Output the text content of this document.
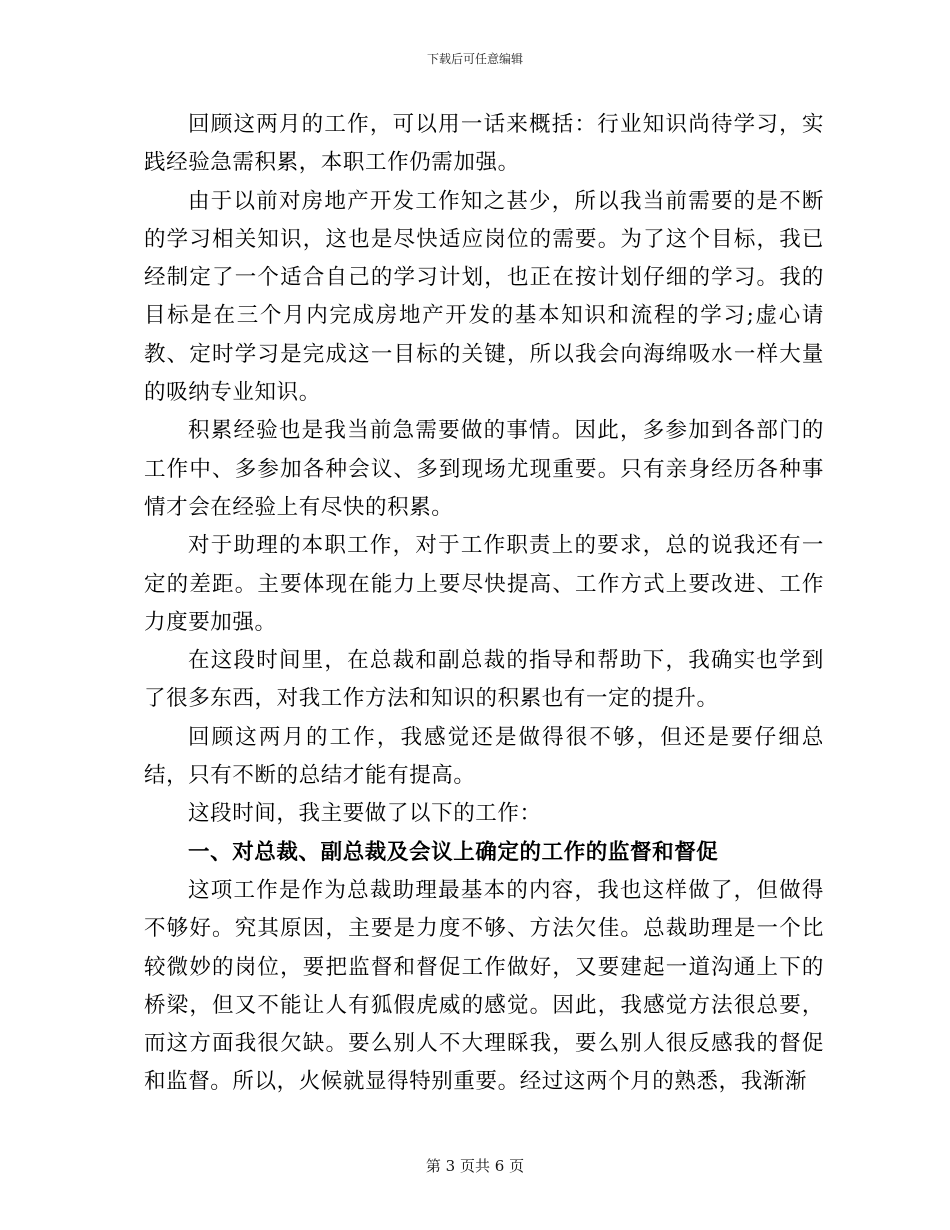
下载后可任意编辑

回顾这两月的工作，可以用一话来概括：行业知识尚待学习，实践经验急需积累，本职工作仍需加强。

由于以前对房地产开发工作知之甚少，所以我当前需要的是不断的学习相关知识，这也是尽快适应岗位的需要。为了这个目标，我已经制定了一个适合自己的学习计划，也正在按计划仔细的学习。我的目标是在三个月内完成房地产开发的基本知识和流程的学习;虚心请教、定时学习是完成这一目标的关键，所以我会向海绵吸水一样大量的吸纳专业知识。

积累经验也是我当前急需要做的事情。因此，多参加到各部门的工作中、多参加各种会议、多到现场尤现重要。只有亲身经历各种事情才会在经验上有尽快的积累。

对于助理的本职工作，对于工作职责上的要求，总的说我还有一定的差距。主要体现在能力上要尽快提高、工作方式上要改进、工作力度要加强。

在这段时间里，在总裁和副总裁的指导和帮助下，我确实也学到了很多东西，对我工作方法和知识的积累也有一定的提升。

回顾这两月的工作，我感觉还是做得很不够，但还是要仔细总结，只有不断的总结才能有提高。

这段时间，我主要做了以下的工作：

一、对总裁、副总裁及会议上确定的工作的监督和督促

这项工作是作为总裁助理最基本的内容，我也这样做了，但做得不够好。究其原因，主要是力度不够、方法欠佳。总裁助理是一个比较微妙的岗位，要把监督和督促工作做好，又要建起一道沟通上下的桥梁，但又不能让人有狐假虎威的感觉。因此，我感觉方法很总要，而这方面我很欠缺。要么别人不大理睬我，要么别人很反感我的督促和监督。所以，火候就显得特别重要。经过这两个月的熟悉，我渐渐

第 3 页共 6 页
